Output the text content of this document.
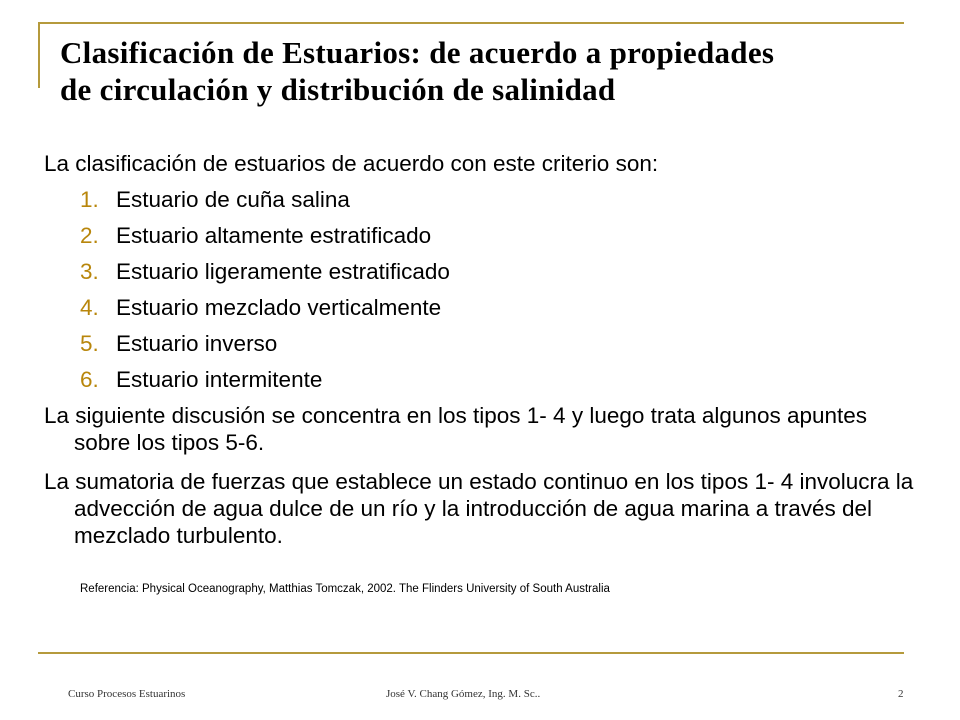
Clasificación de Estuarios: de acuerdo a propiedades
de circulación y distribución de salinidad
La clasificación de estuarios de acuerdo con este criterio son:
1. Estuario de cuña salina
2. Estuario altamente estratificado
3. Estuario ligeramente estratificado
4. Estuario mezclado verticalmente
5. Estuario inverso
6. Estuario intermitente
La siguiente discusión se concentra en los tipos 1- 4 y luego trata algunos apuntes sobre los tipos 5-6.
La sumatoria de fuerzas que establece un estado continuo en los tipos 1- 4 involucra la advección de agua dulce de un río y la introducción de agua marina a través del mezclado turbulento.
Referencia: Physical Oceanography, Matthias Tomczak, 2002. The Flinders University of South Australia
Curso Procesos Estuarinos	José V. Chang Gómez, Ing. M. Sc..	2
